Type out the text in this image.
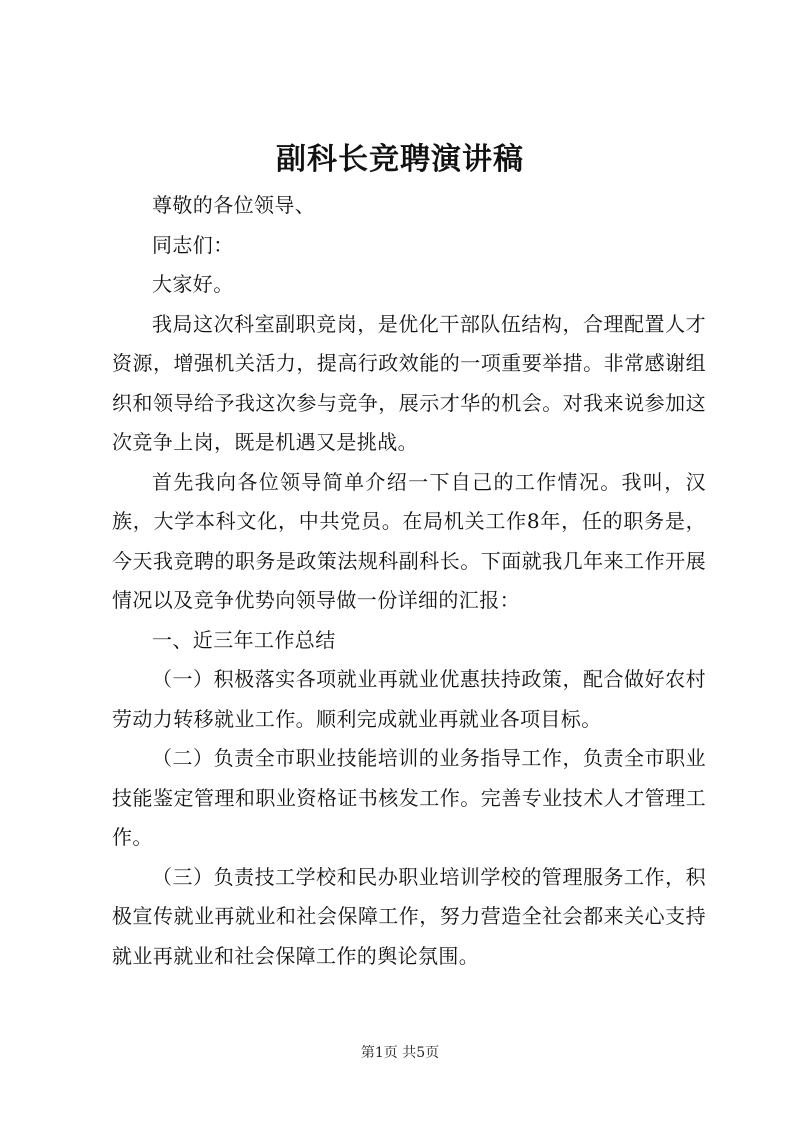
副科长竞聘演讲稿

尊敬的各位领导、

同志们：

大家好。

我局这次科室副职竞岗，是优化干部队伍结构，合理配置人才资源，增强机关活力，提高行政效能的一项重要举措。非常感谢组织和领导给予我这次参与竞争，展示才华的机会。对我来说参加这次竞争上岗，既是机遇又是挑战。

首先我向各位领导简单介绍一下自己的工作情况。我叫，汉族，大学本科文化，中共党员。在局机关工作8年，任的职务是，今天我竞聘的职务是政策法规科副科长。下面就我几年来工作开展情况以及竞争优势向领导做一份详细的汇报：

一、近三年工作总结

（一）积极落实各项就业再就业优惠扶持政策，配合做好农村劳动力转移就业工作。顺利完成就业再就业各项目标。

（二）负责全市职业技能培训的业务指导工作，负责全市职业技能鉴定管理和职业资格证书核发工作。完善专业技术人才管理工作。

（三）负责技工学校和民办职业培训学校的管理服务工作，积极宣传就业再就业和社会保障工作，努力营造全社会都来关心支持就业再就业和社会保障工作的舆论氛围。

第1页 共5页
